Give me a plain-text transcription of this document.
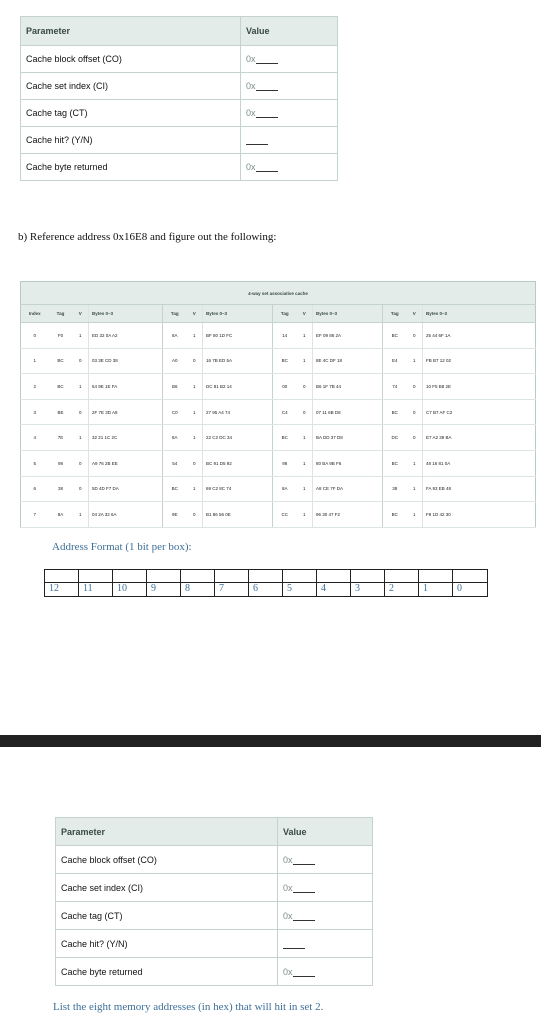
Parameter	Value
Cache block offset (CO)	0x
Cache set index (CI)	0x
Cache tag (CT)	0x
Cache hit? (Y/N)	
Cache byte returned	0x

b) Reference address 0x16E8 and figure out the following:

4-way set associative cache												
Index	Tag	V	Bytes 0–3	Tag	V	Bytes 0–3	Tag	V	Bytes 0–3	Tag	V	Bytes 0–3
0	F0	1	ED 32 0A A2	8A	1	BF 80 1D FC	14	1	EF 09 86 2A	BC	0	25 44 6F 1A
1	BC	0	03 3E CD 38	A0	0	16 7B ED 5A	BC	1	8E 4C DF 18	E4	1	FB B7 12 02
2	BC	1	54 9E 1E FA	B6	1	DC 81 B2 14	00	0	B6 1F 7B 44	74	0	10 F5 B8 2E
3	BE	0	2F 7E 3D A8	C0	1	27 95 A4 74	C4	0	07 11 6B D8	BC	0	C7 B7 AF C2
4	7E	1	32 21 1C 2C	8A	1	22 C2 DC 34	BC	1	BA DD 37 D8	DC	0	E7 A2 39 BA
5	98	0	A9 76 2B EE	54	0	BC 91 D5 92	98	1	80 BA 9B F6	BC	1	48 16 81 0A
6	38	0	5D 4D F7 DA	BC	1	69 C2 8C 74	8A	1	A8 CE 7F DA	38	1	FA 93 EB 48
7	8A	1	04 2A 32 6A	9E	0	B1 86 56 0E	CC	1	96 30 47 F2	BC	1	F8 1D 42 30

Address Format (1 bit per box):

12 11 10 9	8	7	6	5	4	3	2	1	0
Parameter	Value
Cache block offset (CO)	0x
Cache set index (CI)	0x
Cache tag (CT)	0x
Cache hit? (Y/N)	
Cache byte returned	0x

List the eight memory addresses (in hex) that will hit in set 2.
